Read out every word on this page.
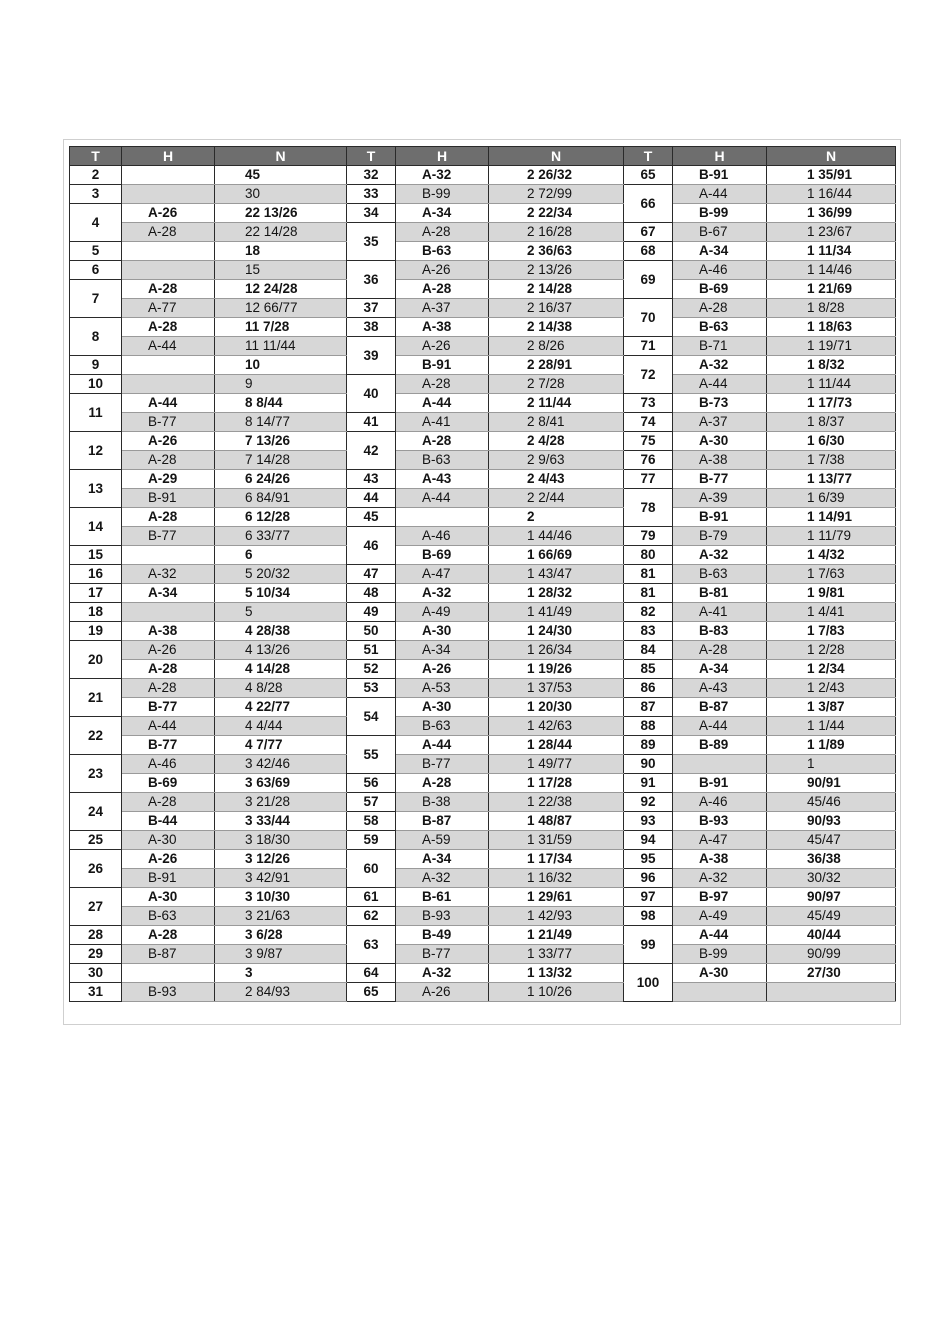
T	H	N	T	H	N	T	H	N
2		45	32	A-32	2 26/32	65	B-91	1 35/91
3		30	33	B-99	2 72/99	66	A-44	1 16/44
4	A-26	22 13/26	34	A-34	2 22/34		B-99	1 36/99
	A-28	22 14/28	35	A-28	2 16/28	67	B-67	1 23/67
5		18		B-63	2 36/63	68	A-34	1 11/34
6		15	36	A-26	2 13/26	69	A-46	1 14/46
7	A-28	12 24/28		A-28	2 14/28		B-69	1 21/69
	A-77	12 66/77	37	A-37	2 16/37	70	A-28	1 8/28
8	A-28	11 7/28	38	A-38	2 14/38		B-63	1 18/63
	A-44	11 11/44	39	A-26	2 8/26	71	B-71	1 19/71
9		10		B-91	2 28/91	72	A-32	1 8/32
10		9	40	A-28	2 7/28		A-44	1 11/44
11	A-44	8 8/44		A-44	2 11/44	73	B-73	1 17/73
	B-77	8 14/77	41	A-41	2 8/41	74	A-37	1 8/37
12	A-26	7 13/26	42	A-28	2 4/28	75	A-30	1 6/30
	A-28	7 14/28		B-63	2 9/63	76	A-38	1 7/38
13	A-29	6 24/26	43	A-43	2 4/43	77	B-77	1 13/77
	B-91	6 84/91	44	A-44	2 2/44	78	A-39	1 6/39
14	A-28	6 12/28	45		2		B-91	1 14/91
	B-77	6 33/77	46	A-46	1 44/46	79	B-79	1 11/79
15		6		B-69	1 66/69	80	A-32	1 4/32
16	A-32	5 20/32	47	A-47	1 43/47	81	B-63	1 7/63
17	A-34	5 10/34	48	A-32	1 28/32	81	B-81	1 9/81
18		5	49	A-49	1 41/49	82	A-41	1 4/41
19	A-38	4 28/38	50	A-30	1 24/30	83	B-83	1 7/83
20	A-26	4 13/26	51	A-34	1 26/34	84	A-28	1 2/28
	A-28	4 14/28	52	A-26	1 19/26	85	A-34	1 2/34
21	A-28	4 8/28	53	A-53	1 37/53	86	A-43	1 2/43
	B-77	4 22/77	54	A-30	1 20/30	87	B-87	1 3/87
22	A-44	4 4/44		B-63	1 42/63	88	A-44	1 1/44
	B-77	4 7/77	55	A-44	1 28/44	89	B-89	1 1/89
23	A-46	3 42/46		B-77	1 49/77	90		1
	B-69	3 63/69	56	A-28	1 17/28	91	B-91	90/91
24	A-28	3 21/28	57	B-38	1 22/38	92	A-46	45/46
	B-44	3 33/44	58	B-87	1 48/87	93	B-93	90/93
25	A-30	3 18/30	59	A-59	1 31/59	94	A-47	45/47
26	A-26	3 12/26	60	A-34	1 17/34	95	A-38	36/38
	B-91	3 42/91		A-32	1 16/32	96	A-32	30/32
27	A-30	3 10/30	61	B-61	1 29/61	97	B-97	90/97
	B-63	3 21/63	62	B-93	1 42/93	98	A-49	45/49
28	A-28	3 6/28	63	B-49	1 21/49	99	A-44	40/44
29	B-87	3 9/87		B-77	1 33/77		B-99	90/99
30		3	64	A-32	1 13/32	100	A-30	27/30
31	B-93	2 84/93	65	A-26	1 10/26			
